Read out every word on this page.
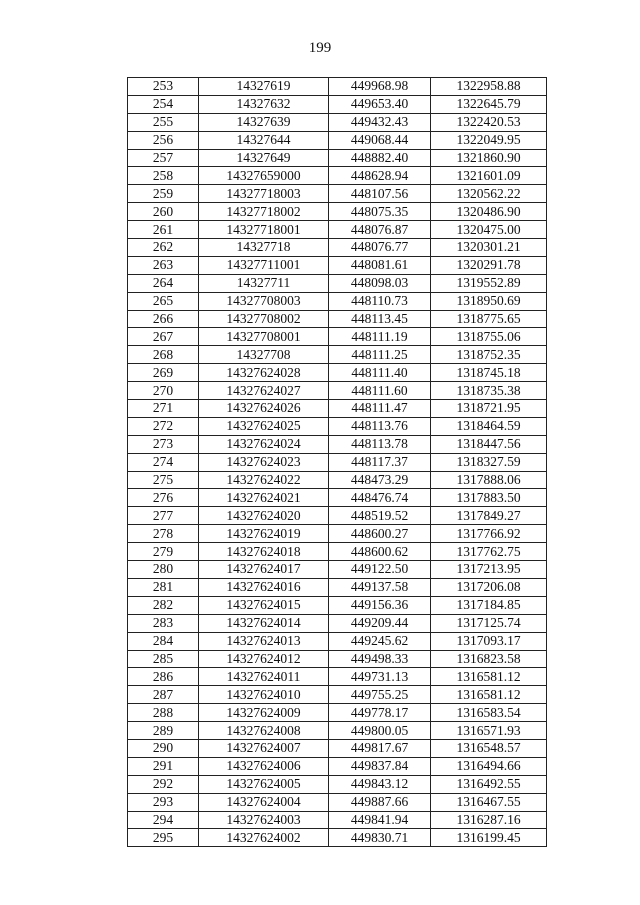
199
253	14327619	449968.98	1322958.88
254	14327632	449653.40	1322645.79
255	14327639	449432.43	1322420.53
256	14327644	449068.44	1322049.95
257	14327649	448882.40	1321860.90
258	14327659000	448628.94	1321601.09
259	14327718003	448107.56	1320562.22
260	14327718002	448075.35	1320486.90
261	14327718001	448076.87	1320475.00
262	14327718	448076.77	1320301.21
263	14327711001	448081.61	1320291.78
264	14327711	448098.03	1319552.89
265	14327708003	448110.73	1318950.69
266	14327708002	448113.45	1318775.65
267	14327708001	448111.19	1318755.06
268	14327708	448111.25	1318752.35
269	14327624028	448111.40	1318745.18
270	14327624027	448111.60	1318735.38
271	14327624026	448111.47	1318721.95
272	14327624025	448113.76	1318464.59
273	14327624024	448113.78	1318447.56
274	14327624023	448117.37	1318327.59
275	14327624022	448473.29	1317888.06
276	14327624021	448476.74	1317883.50
277	14327624020	448519.52	1317849.27
278	14327624019	448600.27	1317766.92
279	14327624018	448600.62	1317762.75
280	14327624017	449122.50	1317213.95
281	14327624016	449137.58	1317206.08
282	14327624015	449156.36	1317184.85
283	14327624014	449209.44	1317125.74
284	14327624013	449245.62	1317093.17
285	14327624012	449498.33	1316823.58
286	14327624011	449731.13	1316581.12
287	14327624010	449755.25	1316581.12
288	14327624009	449778.17	1316583.54
289	14327624008	449800.05	1316571.93
290	14327624007	449817.67	1316548.57
291	14327624006	449837.84	1316494.66
292	14327624005	449843.12	1316492.55
293	14327624004	449887.66	1316467.55
294	14327624003	449841.94	1316287.16
295	14327624002	449830.71	1316199.45
